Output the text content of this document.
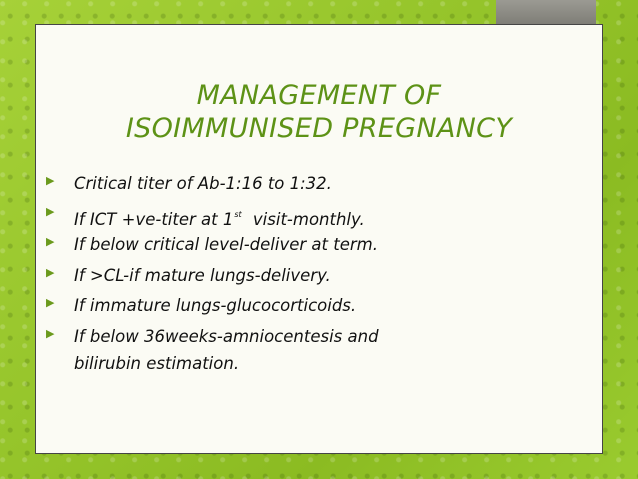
MANAGEMENT OF
ISOIMMUNISED PREGNANCY
▶	Critical titer of Ab-1:16 to 1:32.
▶	If ICT +ve-titer at 1st visit-monthly.
▶	If below critical level-deliver at term.
▶	If >CL-if mature lungs-delivery.
▶	If immature lungs-glucocorticoids.
▶	If below 36weeks-amniocentesis and
bilirubin estimation.
